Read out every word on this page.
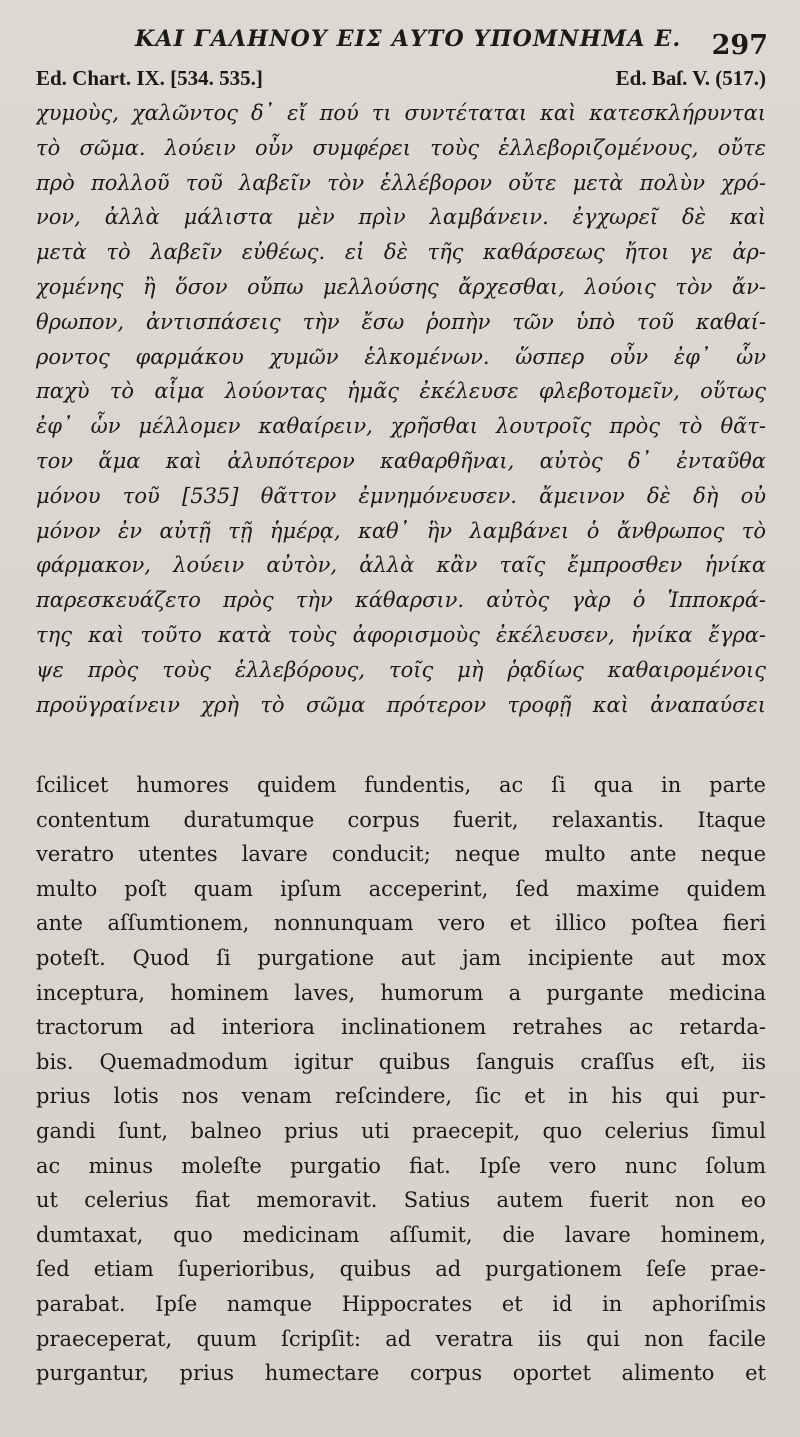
ΚΑΙ ΓΑΛΗΝΟΥ ΕΙΣ ΑΥΤΟ ΥΠΟΜΝΗΜΑ Ε. 297
Ed. Chart. IX. [534. 535.]	Ed. Baſ. V. (517.)
χυμοὺς, χαλῶντος δ᾽ εἴ πού τι συντέταται καὶ κατεσκλήρυνται
τὸ σῶμα. λούειν οὖν συμφέρει τοὺς ἑλλεβοριζομένους, οὔτε
πρὸ πολλοῦ τοῦ λαβεῖν τὸν ἑλλέβορον οὔτε μετὰ πολὺν χρό-
νον, ἀλλὰ μάλιστα μὲν πρὶν λαμβάνειν. ἐγχωρεῖ δὲ καὶ
μετὰ τὸ λαβεῖν εὐθέως. εἰ δὲ τῆς καθάρσεως ἤτοι γε ἀρ-
χομένης ἢ ὅσον οὔπω μελλούσης ἄρχεσθαι, λούοις τὸν ἄν-
θρωπον, ἀντισπάσεις τὴν ἔσω ῥοπὴν τῶν ὑπὸ τοῦ καθαί-
ροντος φαρμάκου χυμῶν ἑλκομένων. ὥσπερ οὖν ἐφ᾽ ὧν
παχὺ τὸ αἷμα λούοντας ἡμᾶς ἐκέλευσε φλεβοτομεῖν, οὕτως
ἐφ᾽ ὧν μέλλομεν καθαίρειν, χρῆσθαι λουτροῖς πρὸς τὸ θᾶτ-
τον ἅμα καὶ ἀλυπότερον καθαρθῆναι, αὐτὸς δ᾽ ἐνταῦθα
μόνου τοῦ [535] θᾶττον ἐμνημόνευσεν. ἄμεινον δὲ δὴ οὐ
μόνον ἐν αὐτῇ τῇ ἡμέρᾳ, καθ᾽ ἣν λαμβάνει ὁ ἄνθρωπος τὸ
φάρμακον, λούειν αὐτὸν, ἀλλὰ κἂν ταῖς ἔμπροσθεν ἡνίκα
παρεσκευάζετο πρὸς τὴν κάθαρσιν. αὐτὸς γὰρ ὁ Ἱπποκρά-
της καὶ τοῦτο κατὰ τοὺς ἀφορισμοὺς ἐκέλευσεν, ἡνίκα ἔγρα-
ψε πρὸς τοὺς ἑλλεβόρους, τοῖς μὴ ῥᾳδίως καθαιρομένοις
προϋγραίνειν χρὴ τὸ σῶμα πρότερον τροφῇ καὶ ἀναπαύσει
ſcilicet humores quidem fundentis, ac ſi qua in parte
contentum duratumque corpus fuerit, relaxantis. Itaque
veratro utentes lavare conducit; neque multo ante neque
multo poſt quam ipſum acceperint, ſed maxime quidem
ante aſſumtionem, nonnunquam vero et illico poſtea fieri
poteſt. Quod ſi purgatione aut jam incipiente aut mox
inceptura, hominem laves, humorum a purgante medicina
tractorum ad interiora inclinationem retrahes ac retarda-
bis. Quemadmodum igitur quibus ſanguis craſſus eſt, iis
prius lotis nos venam reſcindere, ſic et in his qui pur-
gandi ſunt, balneo prius uti praecepit, quo celerius ſimul
ac minus moleſte purgatio fiat. Ipſe vero nunc ſolum
ut celerius fiat memoravit. Satius autem fuerit non eo
dumtaxat, quo medicinam aſſumit, die lavare hominem,
ſed etiam ſuperioribus, quibus ad purgationem ſeſe prae-
parabat. Ipſe namque Hippocrates et id in aphoriſmis
praeceperat, quum ſcripſit: ad veratra iis qui non facile
purgantur, prius humectare corpus oportet alimento et
